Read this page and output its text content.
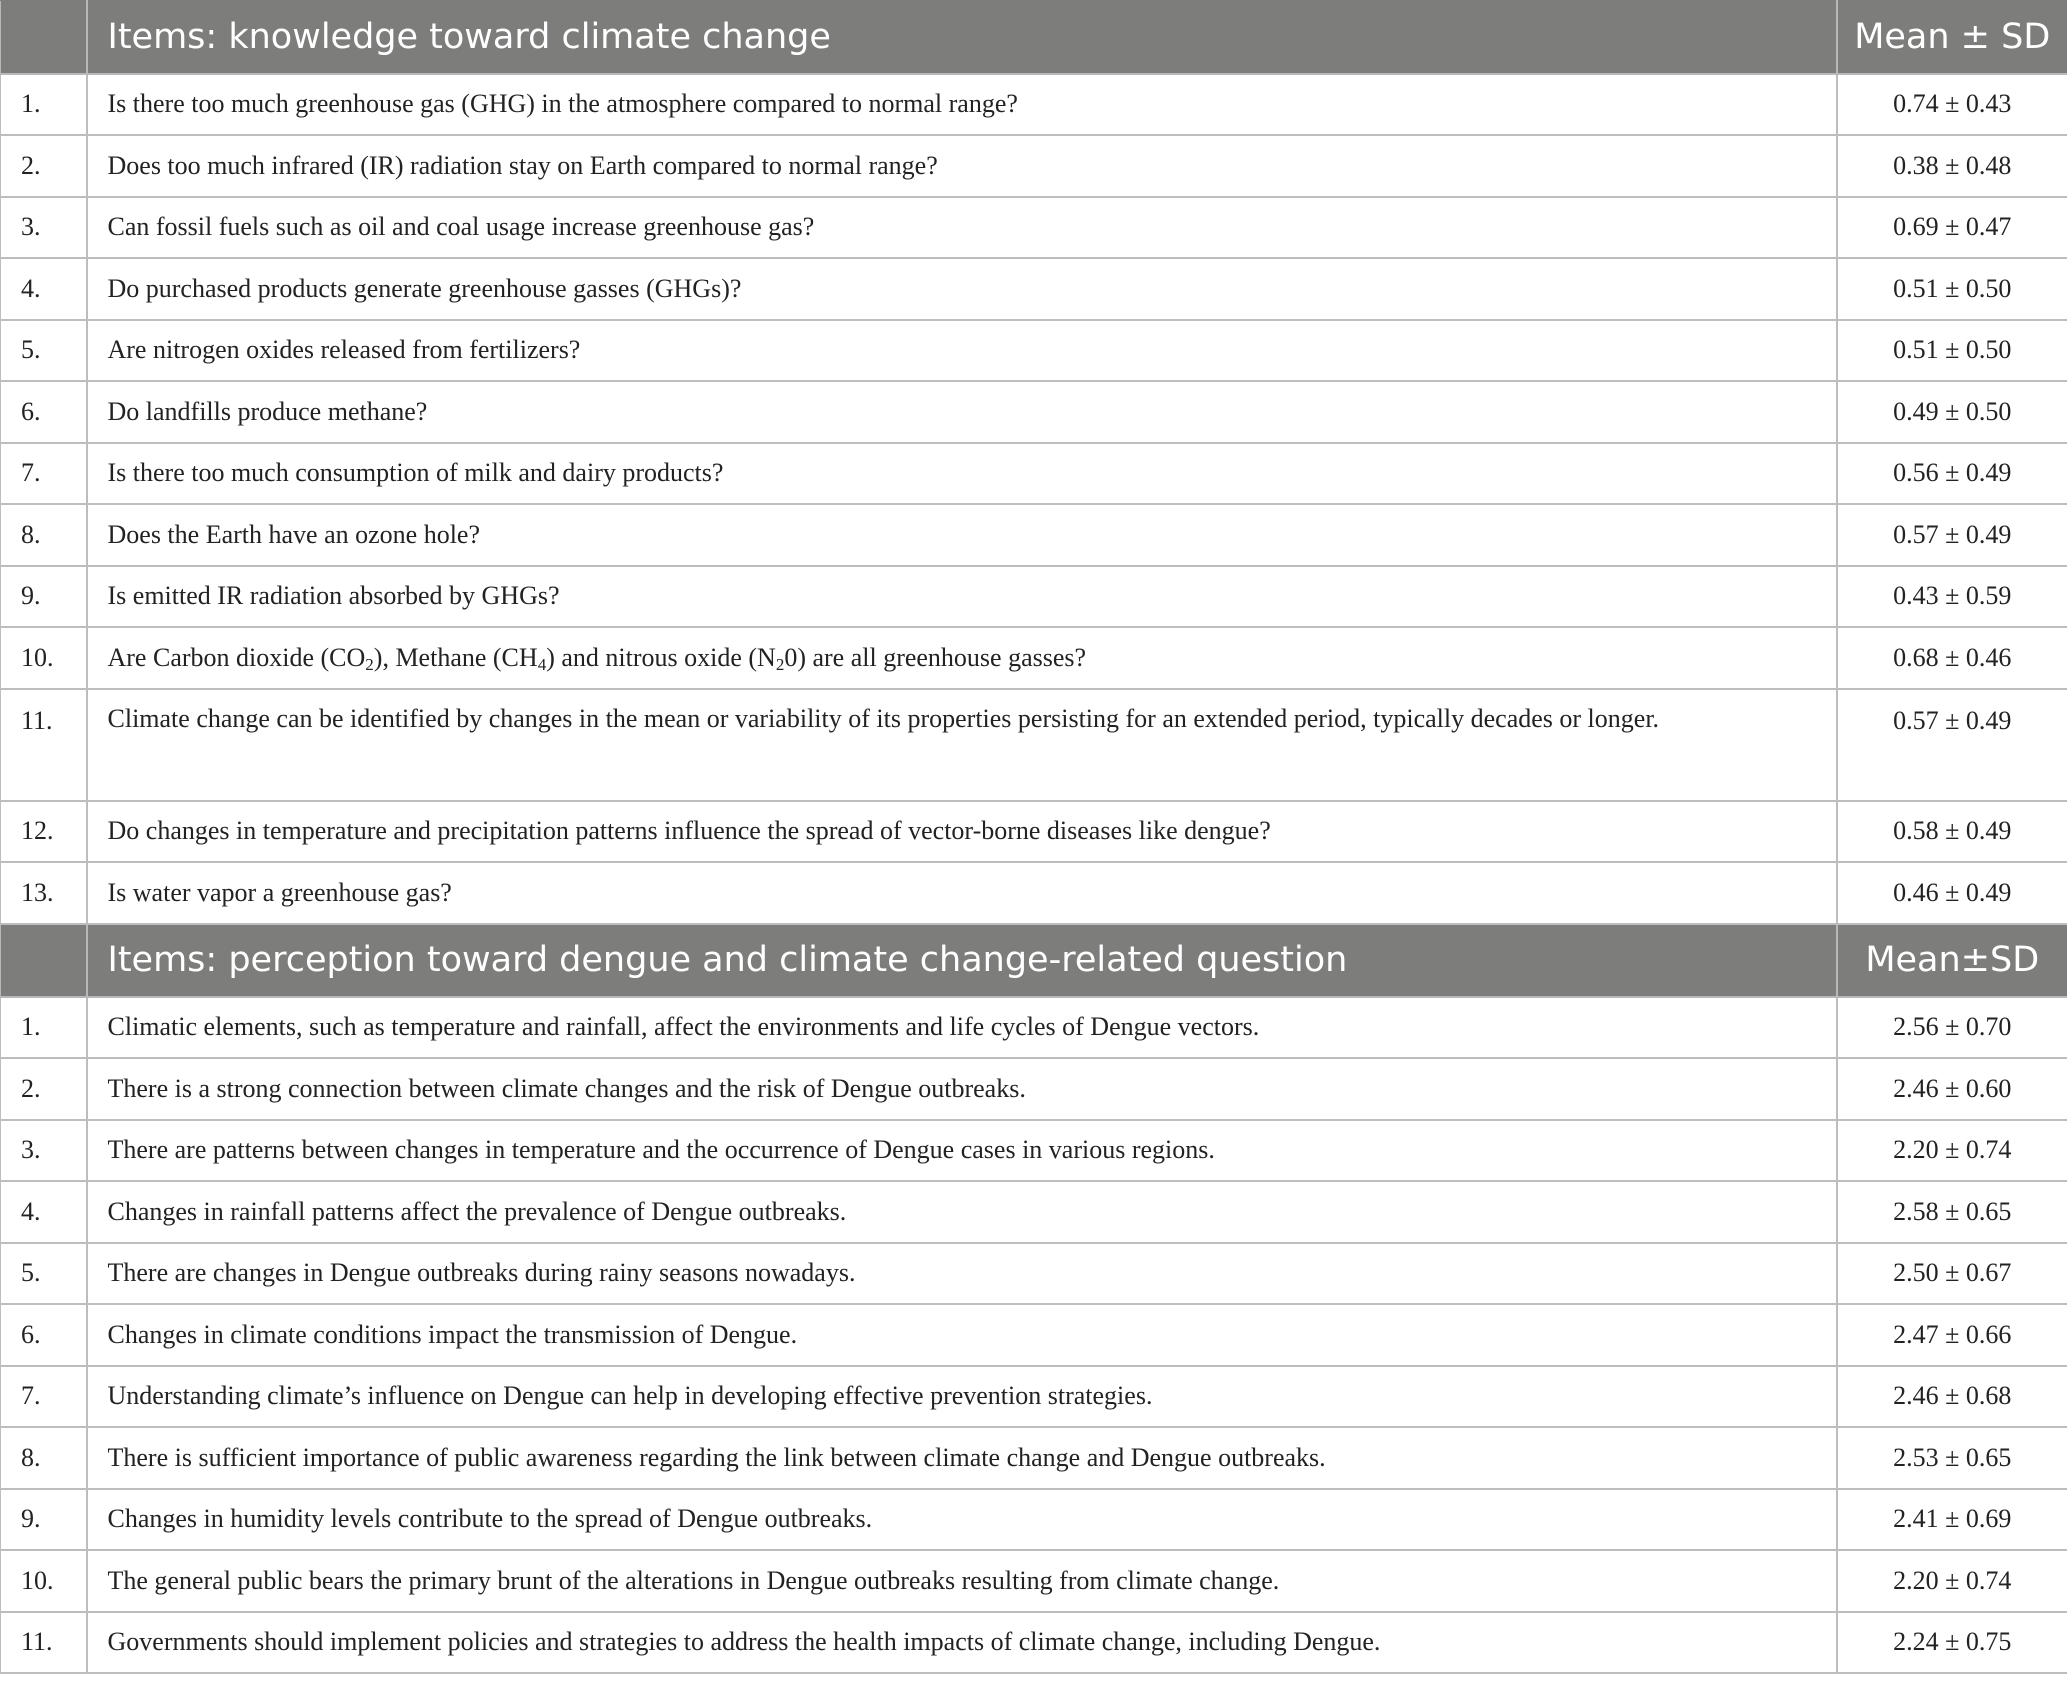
	Items: knowledge toward climate change	Mean ± SD
1.	Is there too much greenhouse gas (GHG) in the atmosphere compared to normal range?	0.74 ± 0.43
2.	Does too much infrared (IR) radiation stay on Earth compared to normal range?	0.38 ± 0.48
3.	Can fossil fuels such as oil and coal usage increase greenhouse gas?	0.69 ± 0.47
4.	Do purchased products generate greenhouse gasses (GHGs)?	0.51 ± 0.50
5.	Are nitrogen oxides released from fertilizers?	0.51 ± 0.50
6.	Do landfills produce methane?	0.49 ± 0.50
7.	Is there too much consumption of milk and dairy products?	0.56 ± 0.49
8.	Does the Earth have an ozone hole?	0.57 ± 0.49
9.	Is emitted IR radiation absorbed by GHGs?	0.43 ± 0.59
10.	Are Carbon dioxide $(CO_2)$, Methane $(CH_4)$ and nitrous oxide $(N_20)$ are all greenhouse gasses?	0.68 ± 0.46
11.	Climate change can be identified by changes in the mean or variability of its properties persisting for an extended period, typically decades or longer.	0.57 ± 0.49
12.	Do changes in temperature and precipitation patterns influence the spread of vector-borne diseases like dengue?	0.58 ± 0.49
13.	Is water vapor a greenhouse gas?	0.46 ± 0.49
	Items: perception toward dengue and climate change-related question	Mean±SD
1.	Climatic elements, such as temperature and rainfall, affect the environments and life cycles of Dengue vectors.	2.56 ± 0.70
2.	There is a strong connection between climate changes and the risk of Dengue outbreaks.	2.46 ± 0.60
3.	There are patterns between changes in temperature and the occurrence of Dengue cases in various regions.	2.20 ± 0.74
4.	Changes in rainfall patterns affect the prevalence of Dengue outbreaks.	2.58 ± 0.65
5.	There are changes in Dengue outbreaks during rainy seasons nowadays.	2.50 ± 0.67
6.	Changes in climate conditions impact the transmission of Dengue.	2.47 ± 0.66
7.	Understanding climate’s influence on Dengue can help in developing effective prevention strategies.	2.46 ± 0.68
8.	There is sufficient importance of public awareness regarding the link between climate change and Dengue outbreaks.	2.53 ± 0.65
9.	Changes in humidity levels contribute to the spread of Dengue outbreaks.	2.41 ± 0.69
10.	The general public bears the primary brunt of the alterations in Dengue outbreaks resulting from climate change.	2.20 ± 0.74
11.	Governments should implement policies and strategies to address the health impacts of climate change, including Dengue.	2.24 ± 0.75
